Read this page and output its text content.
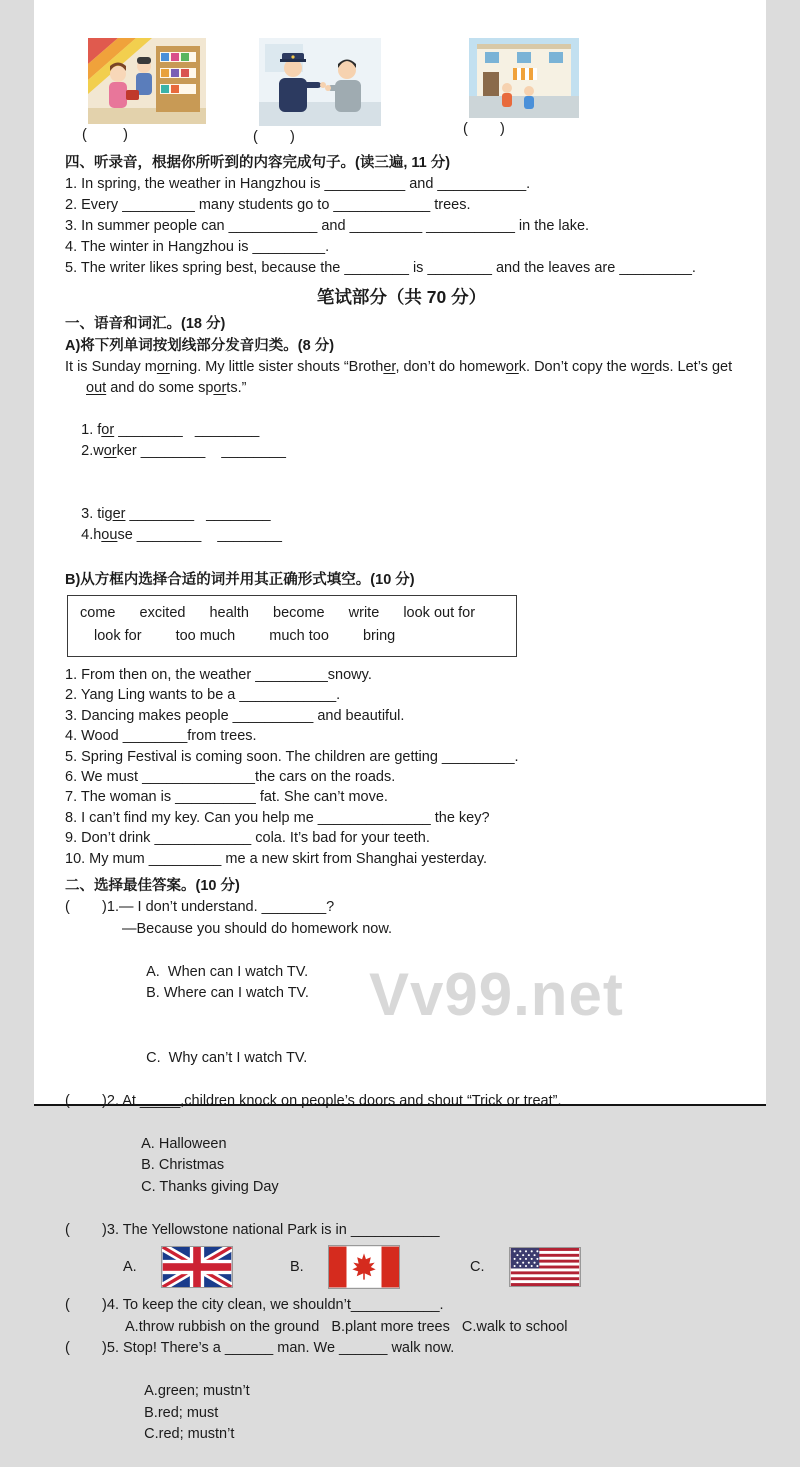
(         )	(        )	(        )
四、听录音，根据你所听到的内容完成句子。(读三遍, 11 分)

1. In spring, the weather in Hangzhou is __________ and ___________.

2. Every _________ many students go to ____________ trees.

3. In summer people can ___________ and _________ ___________ in the lake.

4. The winter in Hangzhou is _________.

5. The writer likes spring best, because the ________ is ________ and the leaves are _________.

笔试部分（共 70 分）
一、语音和词汇。(18 分)
A)将下列单词按划线部分发音归类。(8 分)

It is Sunday morning. My little sister shouts “Brother, don’t do homework. Don’t copy the words. Let’s get

out and do some sports.”

1. for ________   ________
2.worker ________    ________

3. tiger ________   ________
4.house ________    ________

B)从方框内选择合适的词并用其正确形式填空。(10 分)
come excited health become write look out for
look for too much much too bring

1. From then on, the weather _________snowy.

2. Yang Ling wants to be a ____________.

3. Dancing makes people __________ and beautiful.

4. Wood ________from trees.

5. Spring Festival is coming soon. The children are getting _________.

6. We must ______________the cars on the roads.

7. The woman is __________ fat. She can’t move.

8. I can’t find my key. Can you help me ______________ the key?

9. Don’t drink ____________ cola. It’s bad for your teeth.

10. My mum _________ me a new skirt from Shanghai yesterday.

二、选择最佳答案。(10 分)
(        )1.— I don’t understand. ________?
—Because you should do homework now.

A.  When can I watch TV.
B. Where can I watch TV.

C.  Why can’t I watch TV.

(        )2. At _____,children knock on people’s doors and shout “Trick or treat”.

A. Halloween
B. Christmas
C. Thanks giving Day

(        )3. The Yellowstone national Park is in ___________
A.	B.	C.
(        )4. To keep the city clean, we shouldn’t___________.
A.throw rubbish on the ground   B.plant more trees   C.walk to school
(        )5. Stop! There’s a ______ man. We ______ walk now.

A.green; mustn’t
B.red; must
C.red; mustn’t

Vv99.net
